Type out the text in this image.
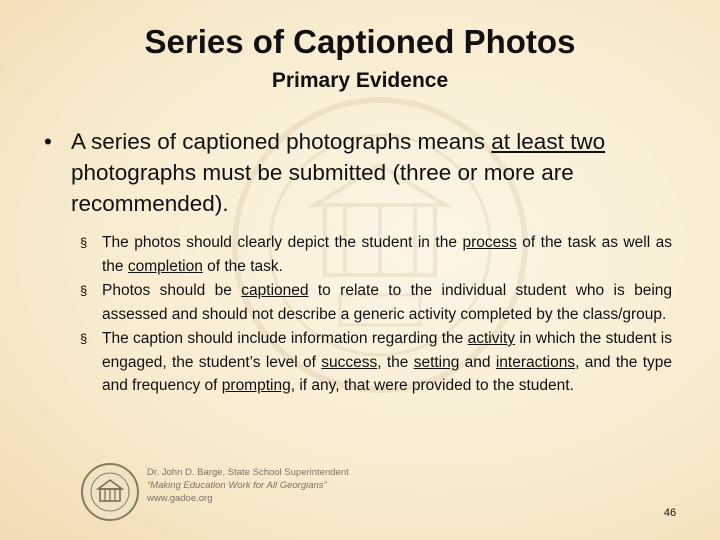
Series of Captioned Photos
Primary Evidence
• A series of captioned photographs means at least two photographs must be submitted (three or more are recommended).
§ The photos should clearly depict the student in the process of the task as well as the completion of the task.
§ Photos should be captioned to relate to the individual student who is being assessed and should not describe a generic activity completed by the class/group.
§ The caption should include information regarding the activity in which the student is engaged, the student’s level of success, the setting and interactions, and the type and frequency of prompting, if any, that were provided to the student.
Dr. John D. Barge, State School Superintendent
“Making Education Work for All Georgians”
www.gadoe.org
46
